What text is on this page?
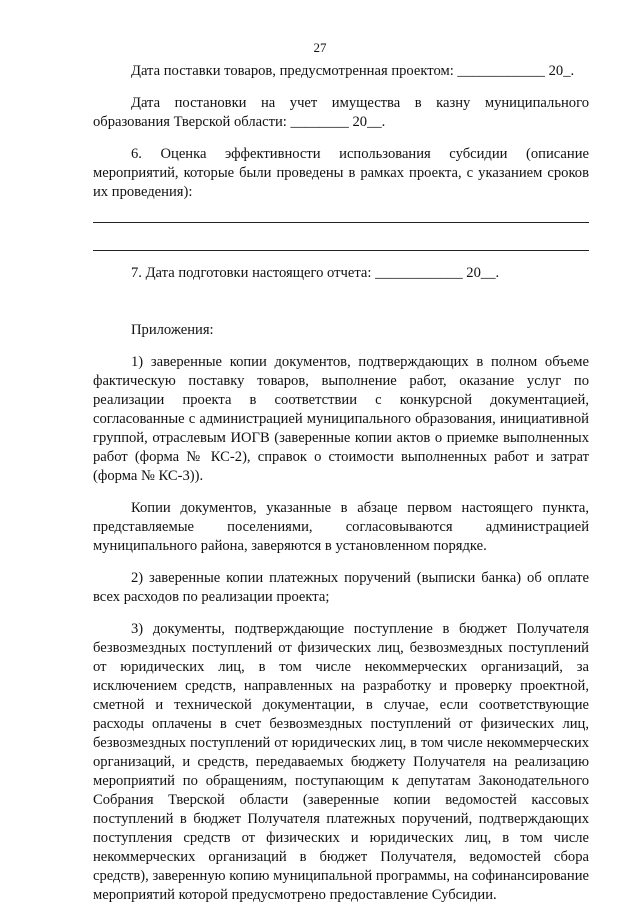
27

Дата поставки товаров, предусмотренная проектом: ____________ 20_.

Дата постановки на учет имущества в казну муниципального образования Тверской области: ________ 20__.

6. Оценка эффективности использования субсидии (описание мероприятий, которые были проведены в рамках проекта, с указанием сроков их проведения):

7. Дата подготовки настоящего отчета: ____________ 20__.

Приложения:

1) заверенные копии документов, подтверждающих в полном объеме фактическую поставку товаров, выполнение работ, оказание услуг по реализации проекта в соответствии с конкурсной документацией, согласованные с администрацией муниципального образования, инициативной группой, отраслевым ИОГВ (заверенные копии актов о приемке выполненных работ (форма № КС-2), справок о стоимости выполненных работ и затрат (форма № КС-3)).

Копии документов, указанные в абзаце первом настоящего пункта, представляемые поселениями, согласовываются администрацией муниципального района, заверяются в установленном порядке.

2) заверенные копии платежных поручений (выписки банка) об оплате всех расходов по реализации проекта;

3) документы, подтверждающие поступление в бюджет Получателя безвозмездных поступлений от физических лиц, безвозмездных поступлений от юридических лиц, в том числе некоммерческих организаций, за исключением средств, направленных на разработку и проверку проектной, сметной и технической документации, в случае, если соответствующие расходы оплачены в счет безвозмездных поступлений от физических лиц, безвозмездных поступлений от юридических лиц, в том числе некоммерческих организаций, и средств, передаваемых бюджету Получателя на реализацию мероприятий по обращениям, поступающим к депутатам Законодательного Собрания Тверской области (заверенные копии ведомостей кассовых поступлений в бюджет Получателя платежных поручений, подтверждающих поступления средств от физических и юридических лиц, в том числе некоммерческих организаций в бюджет Получателя, ведомостей сбора средств), заверенную копию муниципальной программы, на софинансирование мероприятий которой предусмотрено предоставление Субсидии.
